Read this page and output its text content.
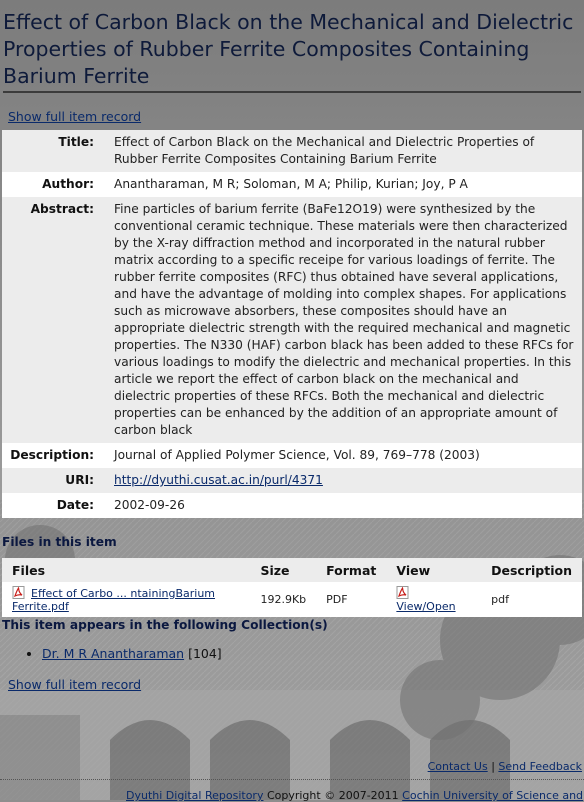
Effect of Carbon Black on the Mechanical and Dielectric Properties of Rubber Ferrite Composites Containing Barium Ferrite
Show full item record
Title:	Effect of Carbon Black on the Mechanical and Dielectric Properties of Rubber Ferrite Composites Containing Barium Ferrite
Author:	Anantharaman, M R; Soloman, M A; Philip, Kurian; Joy, P A
Abstract:	Fine particles of barium ferrite (BaFe12O19) were synthesized by the conventional ceramic technique. These materials were then characterized by the X-ray diffraction method and incorporated in the natural rubber matrix according to a specific receipe for various loadings of ferrite. The rubber ferrite composites (RFC) thus obtained have several applications, and have the advantage of molding into complex shapes. For applications such as microwave absorbers, these composites should have an appropriate dielectric strength with the required mechanical and magnetic properties. The N330 (HAF) carbon black has been added to these RFCs for various loadings to modify the dielectric and mechanical properties. In this article we report the effect of carbon black on the mechanical and dielectric properties of these RFCs. Both the mechanical and dielectric properties can be enhanced by the addition of an appropriate amount of carbon black
Description:	Journal of Applied Polymer Science, Vol. 89, 769–778 (2003)
URI:	http://dyuthi.cusat.ac.in/purl/4371
Date:	2002-09-26
Files in this item
Files	Size	Format	View	Description
Effect of Carbo ... ntainingBarium Ferrite.pdf	192.9Kb	PDF	View/Open	pdf
This item appears in the following Collection(s)
• Dr. M R Anantharaman [104]
Show full item record
Contact Us | Send Feedback
Dyuthi Digital Repository Copyright © 2007-2011 Cochin University of Science and
